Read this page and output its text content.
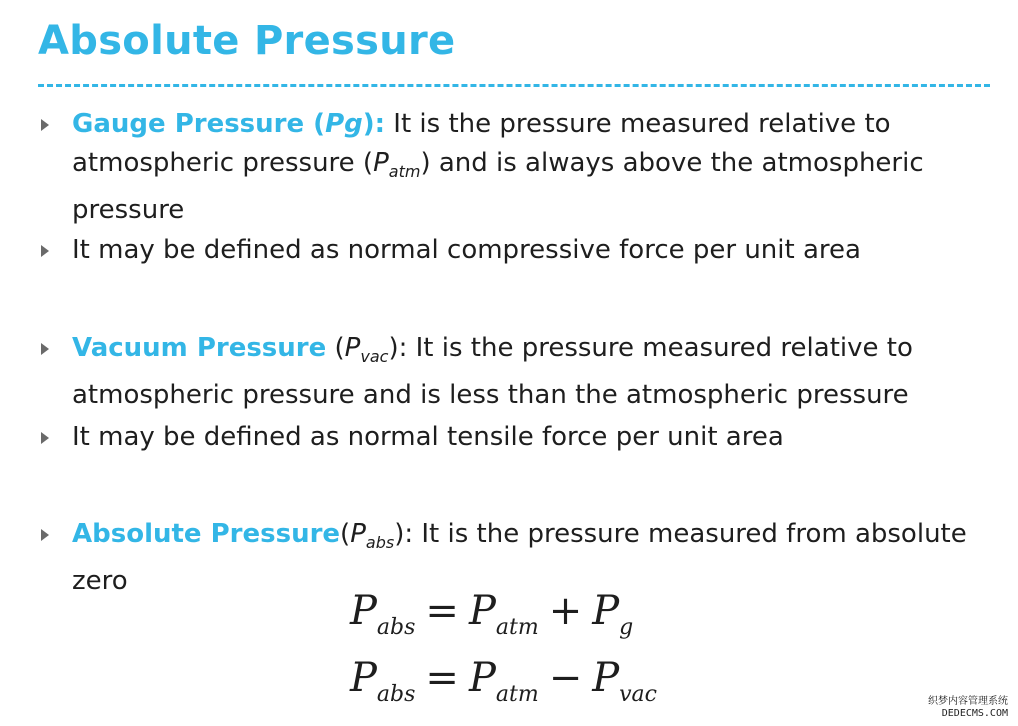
Absolute Pressure
Gauge Pressure (Pg): It is the pressure measured relative to atmospheric pressure $(P_{atm})$ and is always above the atmospheric pressure
It may be defined as normal compressive force per unit area
Vacuum Pressure $(P_{vac})$: It is the pressure measured relative to atmospheric pressure and is less than the atmospheric pressure
It may be defined as normal tensile force per unit area
Absolute $Pressure(P_{abs})$: It is the pressure measured from absolute zero
$P_{abs} = P_{atm} + P_g$
$P_{abs} = P_{atm} - P_{vac}$	织梦内容管理系统
DEDECMS.COM
